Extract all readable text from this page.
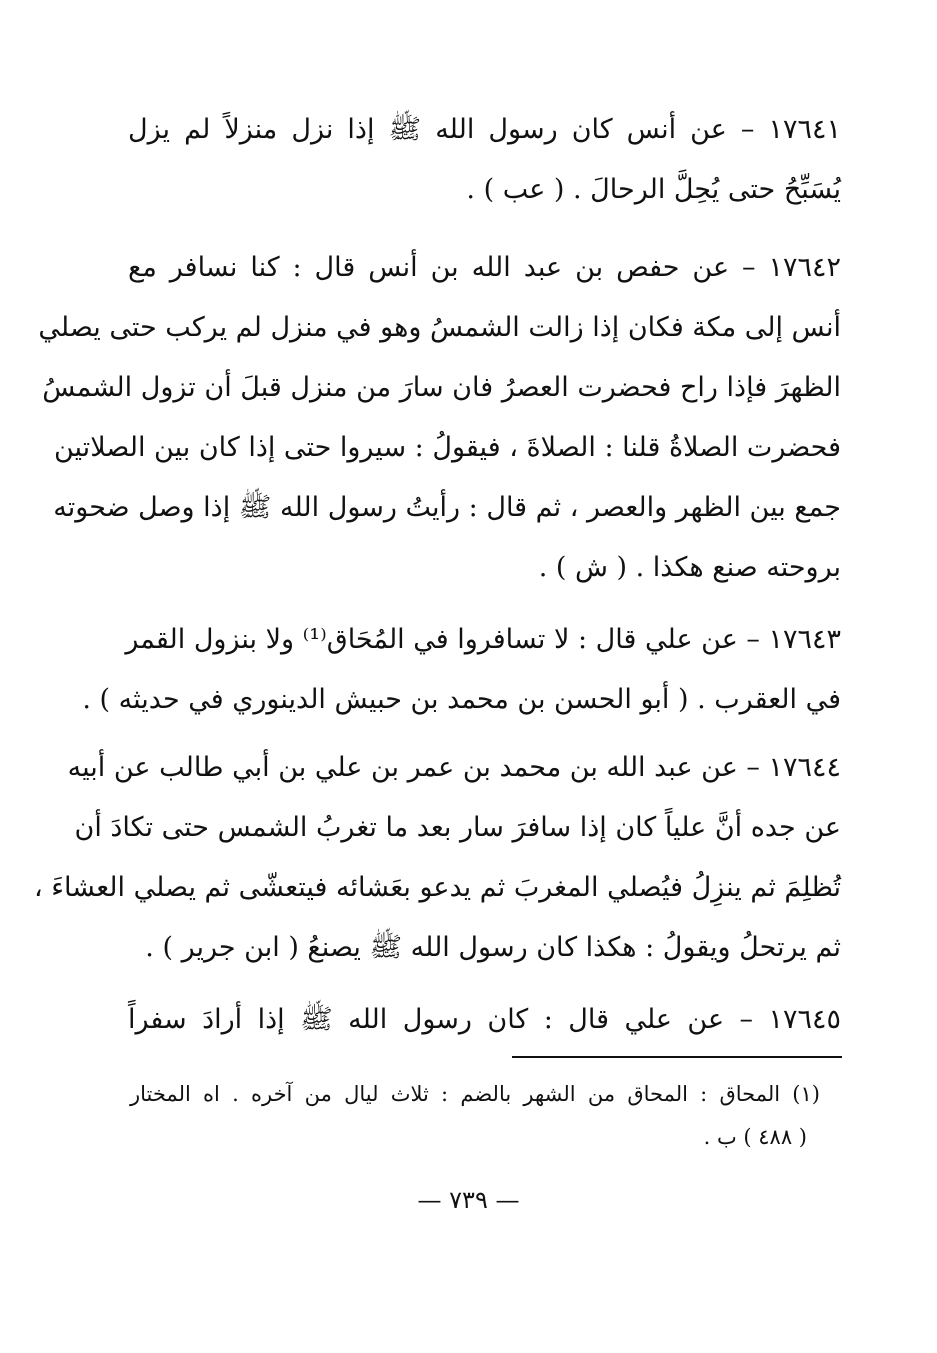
١٧٦٤١ – عن أنس كان رسول الله ﷺ إذا نزل منزلاً لم يزل
يُسَبِّحُ حتى يُحِلَّ الرحالَ . ( عب ) .
١٧٦٤٢ – عن حفص بن عبد الله بن أنس قال : كنا نسافر مع
أنس إلى مكة فكان إذا زالت الشمسُ وهو في منزل لم يركب حتى يصلي
الظهرَ فإذا راح فحضرت العصرُ فان سارَ من منزل قبلَ أن تزول الشمسُ
فحضرت الصلاةُ قلنا : الصلاةَ ، فيقولُ : سيروا حتى إذا كان بين الصلاتين
جمع بين الظهر والعصر ، ثم قال : رأيتُ رسول الله ﷺ إذا وصل ضحوته
بروحته صنع هكذا . ( ش ) .
١٧٦٤٣ – عن علي قال : لا تسافروا في المُحَاق⁽¹⁾ ولا بنزول القمر
في العقرب . ( أبو الحسن بن محمد بن حبيش الدينوري في حديثه ) .
١٧٦٤٤ – عن عبد الله بن محمد بن عمر بن علي بن أبي طالب عن أبيه
عن جده أنَّ علياً كان إذا سافرَ سار بعد ما تغربُ الشمس حتى تكادَ أن
تُظلِمَ ثم ينزِلُ فيُصلي المغربَ ثم يدعو بعَشائه فيتعشّى ثم يصلي العشاءَ ،
ثم يرتحلُ ويقولُ : هكذا كان رسول الله ﷺ يصنعُ ( ابن جرير ) .
١٧٦٤٥ – عن علي قال : كان رسول الله ﷺ إذا أرادَ سفراً
(١) المحاق : المحاق من الشهر بالضم : ثلاث ليال من آخره . اه المختار
( ٤٨٨ ) ب .
— ٧٣٩ —
